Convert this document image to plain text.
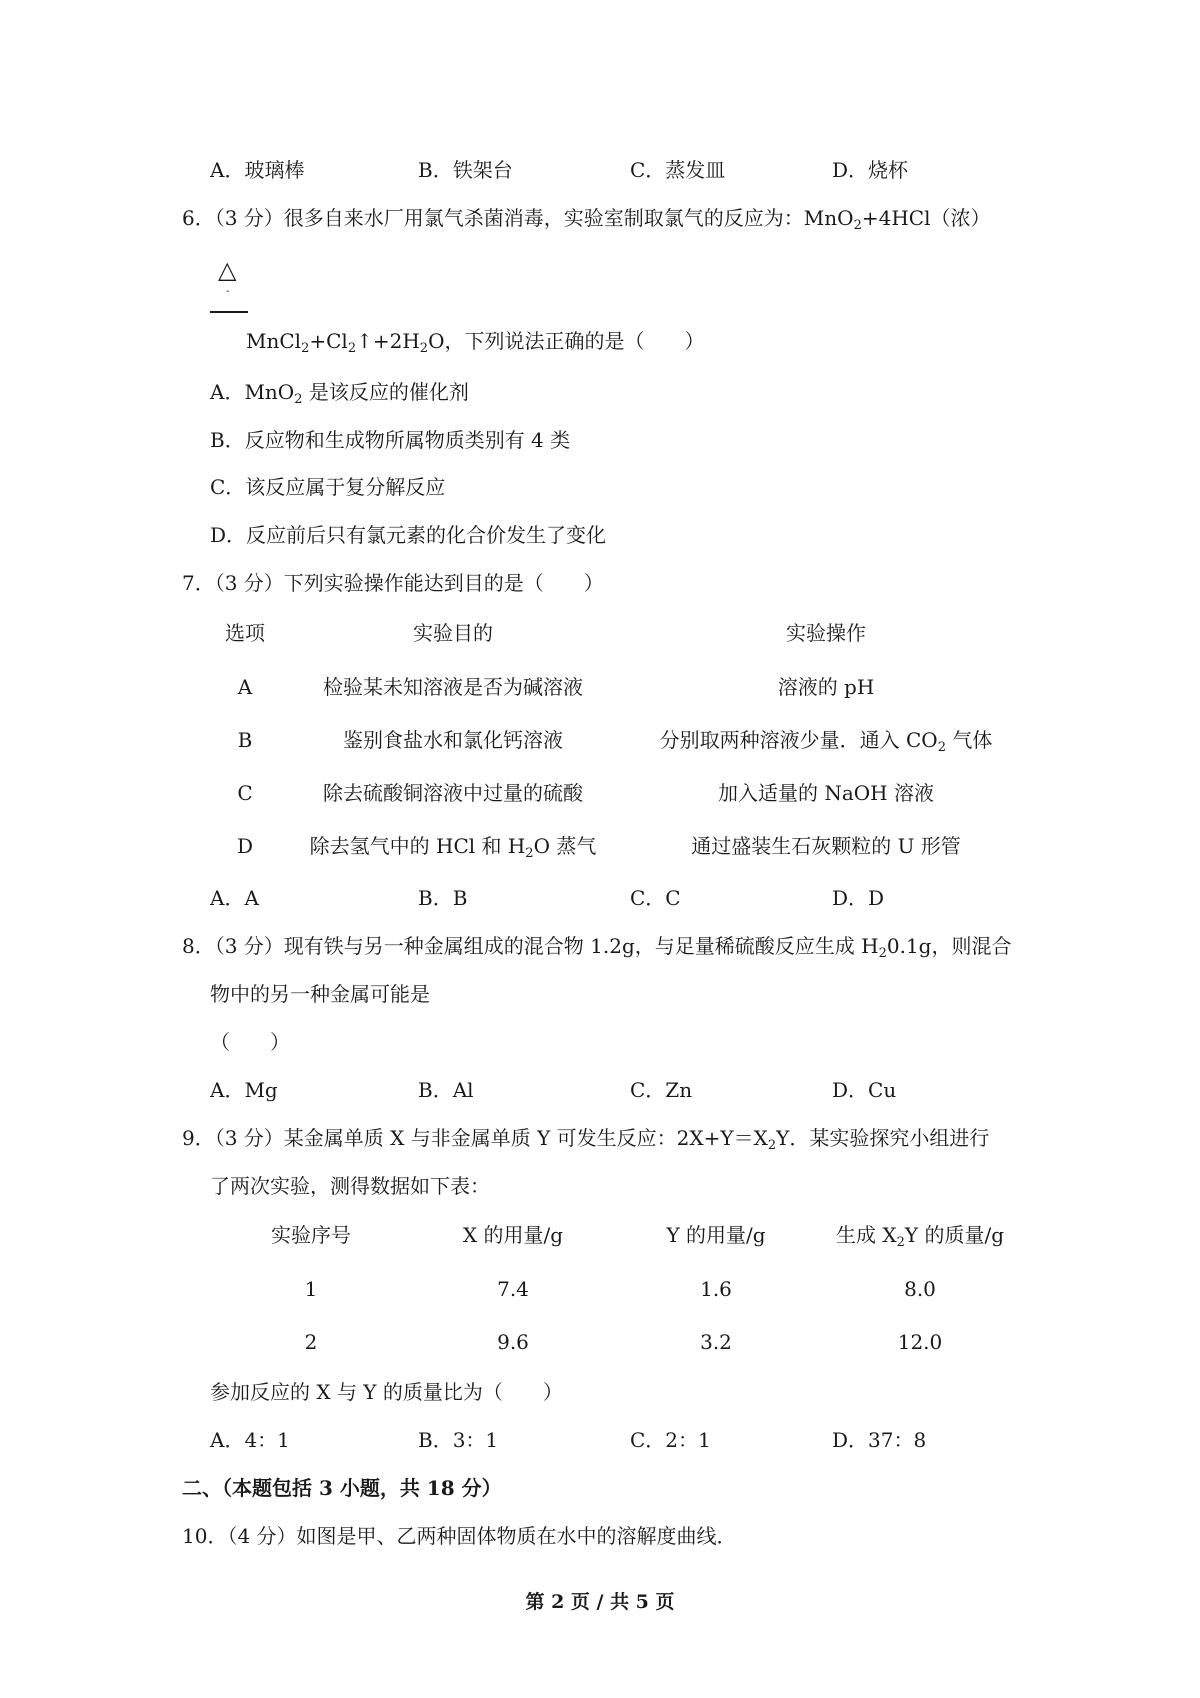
A．玻璃棒	B．铁架台	C．蒸发皿	D．烧杯
6．（3 分）很多自来水厂用氯气杀菌消毒，实验室制取氯气的反应为：MnO$_2$+4HCl（浓）
△
-
$MnCl_2+Cl_2↑+2H_2O$，下列说法正确的是（　　）
A．MnO$_2$ 是该反应的催化剂
B．反应物和生成物所属物质类别有 4 类
C．该反应属于复分解反应
D．反应前后只有氯元素的化合价发生了变化
7．（3 分）下列实验操作能达到目的是（　　）
选项	实验目的	实验操作
A	检验某未知溶液是否为碱溶液	溶液的 pH
B	鉴别食盐水和氯化钙溶液	分别取两种溶液少量．通入 $CO_2$ 气体
C	除去硫酸铜溶液中过量的硫酸	加入适量的 NaOH 溶液
D	除去氢气中的 HCl 和 $H_2O$ 蒸气	通过盛装生石灰颗粒的 U 形管
A．A	B．B	C．C	D．D
8．（3 分）现有铁与另一种金属组成的混合物 1.2g，与足量稀硫酸反应生成 $H_20.1g$，则混合
物中的另一种金属可能是
（　　）
A．Mg	B．Al	C．Zn	D．Cu
9．（3 分）某金属单质 X 与非金属单质 Y 可发生反应：$2X+Y=X_2Y$．某实验探究小组进行
了两次实验，测得数据如下表：
实验序号	X 的用量/g	Y 的用量/g	生成 $X_2Y$ 的质量/g
1	7.4	1.6	8.0
2	9.6	3.2	12.0
参加反应的 X 与 Y 的质量比为（　　）
A．4：1	B．3：1	C．2：1	D．37：8
二、（本题包括 3 小题，共 18 分）
10．（4 分）如图是甲、乙两种固体物质在水中的溶解度曲线．
第 2 页 / 共 5 页
